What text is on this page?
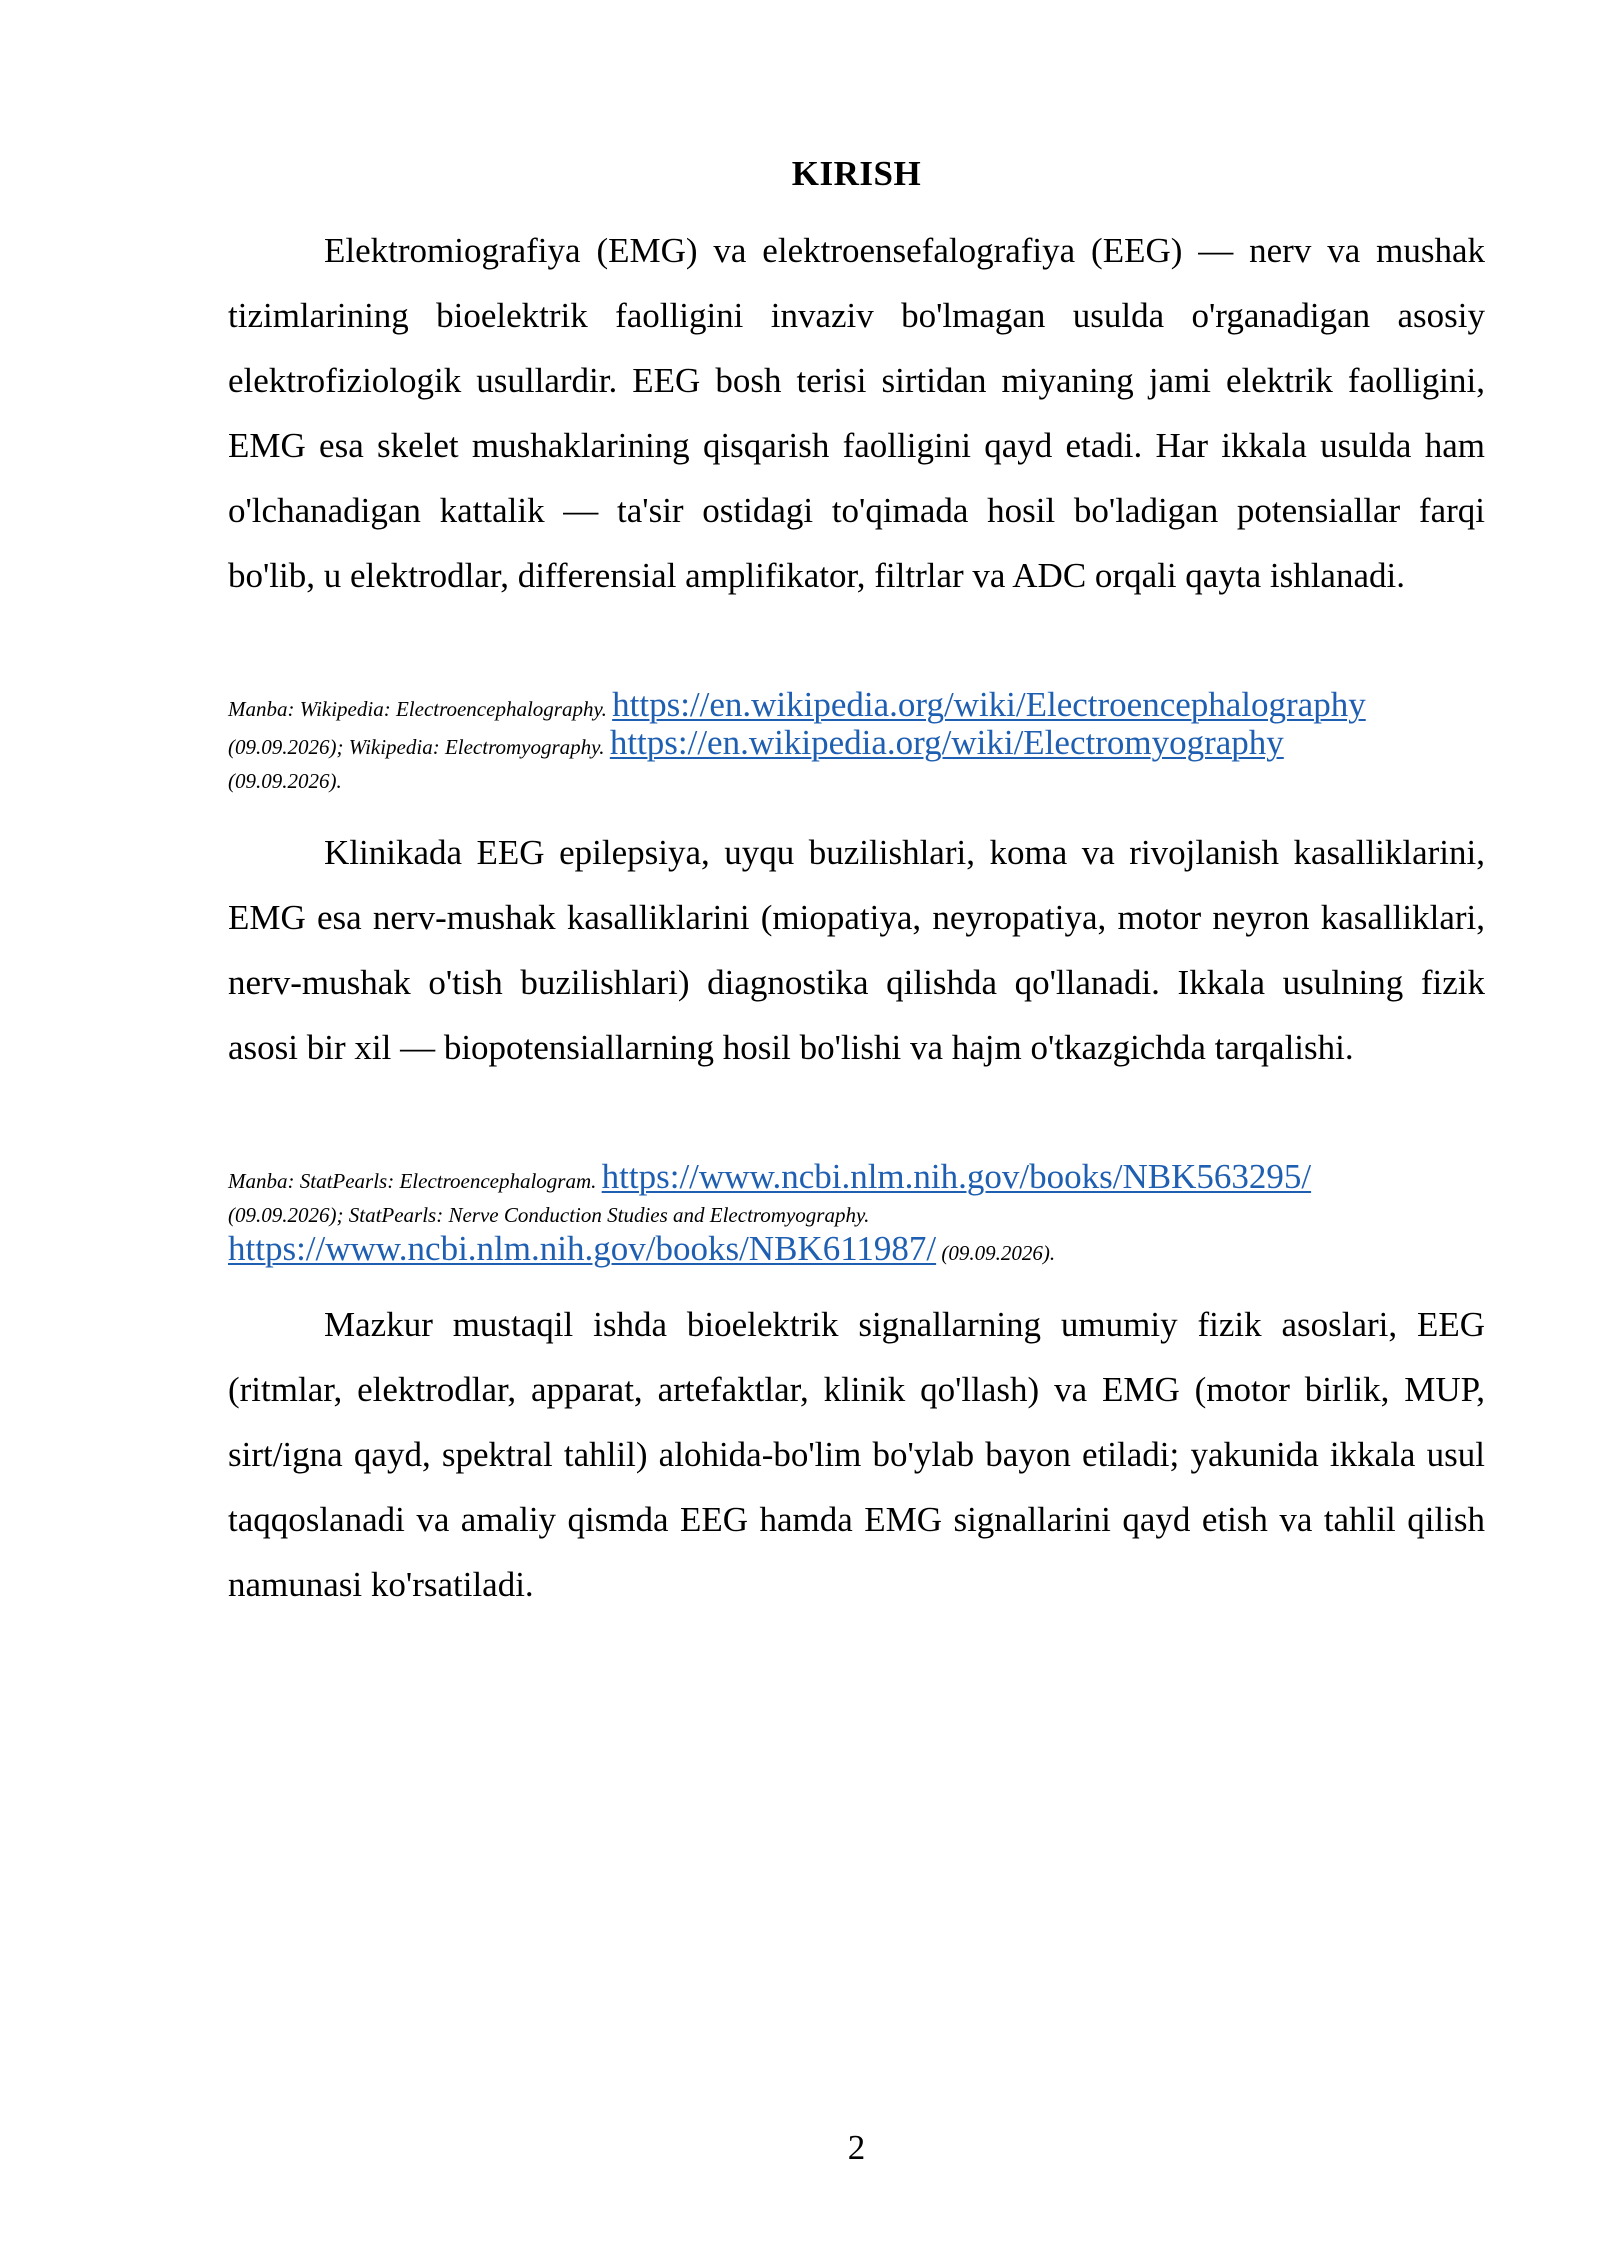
KIRISH

Elektromiografiya (EMG) va elektroensefalografiya (EEG) — nerv va mushak tizimlarining bioelektrik faolligini invaziv bo'lmagan usulda o'rganadigan asosiy elektrofiziologik usullardir. EEG bosh terisi sirtidan miyaning jami elektrik faolligini, EMG esa skelet mushaklarining qisqarish faolligini qayd etadi. Har ikkala usulda ham o'lchanadigan kattalik — ta'sir ostidagi to'qimada hosil bo'ladigan potensiallar farqi bo'lib, u elektrodlar, differensial amplifikator, filtrlar va ADC orqali qayta ishlanadi.

Manba: Wikipedia: Electroencephalography. https://en.wikipedia.org/wiki/Electroencephalography
(09.09.2026); Wikipedia: Electromyography. https://en.wikipedia.org/wiki/Electromyography
(09.09.2026).

Klinikada EEG epilepsiya, uyqu buzilishlari, koma va rivojlanish kasalliklarini, EMG esa nerv-mushak kasalliklarini (miopatiya, neyropatiya, motor neyron kasalliklari, nerv-mushak o'tish buzilishlari) diagnostika qilishda qo'llanadi. Ikkala usulning fizik asosi bir xil — biopotensiallarning hosil bo'lishi va hajm o'tkazgichda tarqalishi.

Manba: StatPearls: Electroencephalogram. https://www.ncbi.nlm.nih.gov/books/NBK563295/
(09.09.2026); StatPearls: Nerve Conduction Studies and Electromyography.
https://www.ncbi.nlm.nih.gov/books/NBK611987/ (09.09.2026).

Mazkur mustaqil ishda bioelektrik signallarning umumiy fizik asoslari, EEG (ritmlar, elektrodlar, apparat, artefaktlar, klinik qo'llash) va EMG (motor birlik, MUP, sirt/igna qayd, spektral tahlil) alohida-bo'lim bo'ylab bayon etiladi; yakunida ikkala usul taqqoslanadi va amaliy qismda EEG hamda EMG signallarini qayd etish va tahlil qilish namunasi ko'rsatiladi.

2
